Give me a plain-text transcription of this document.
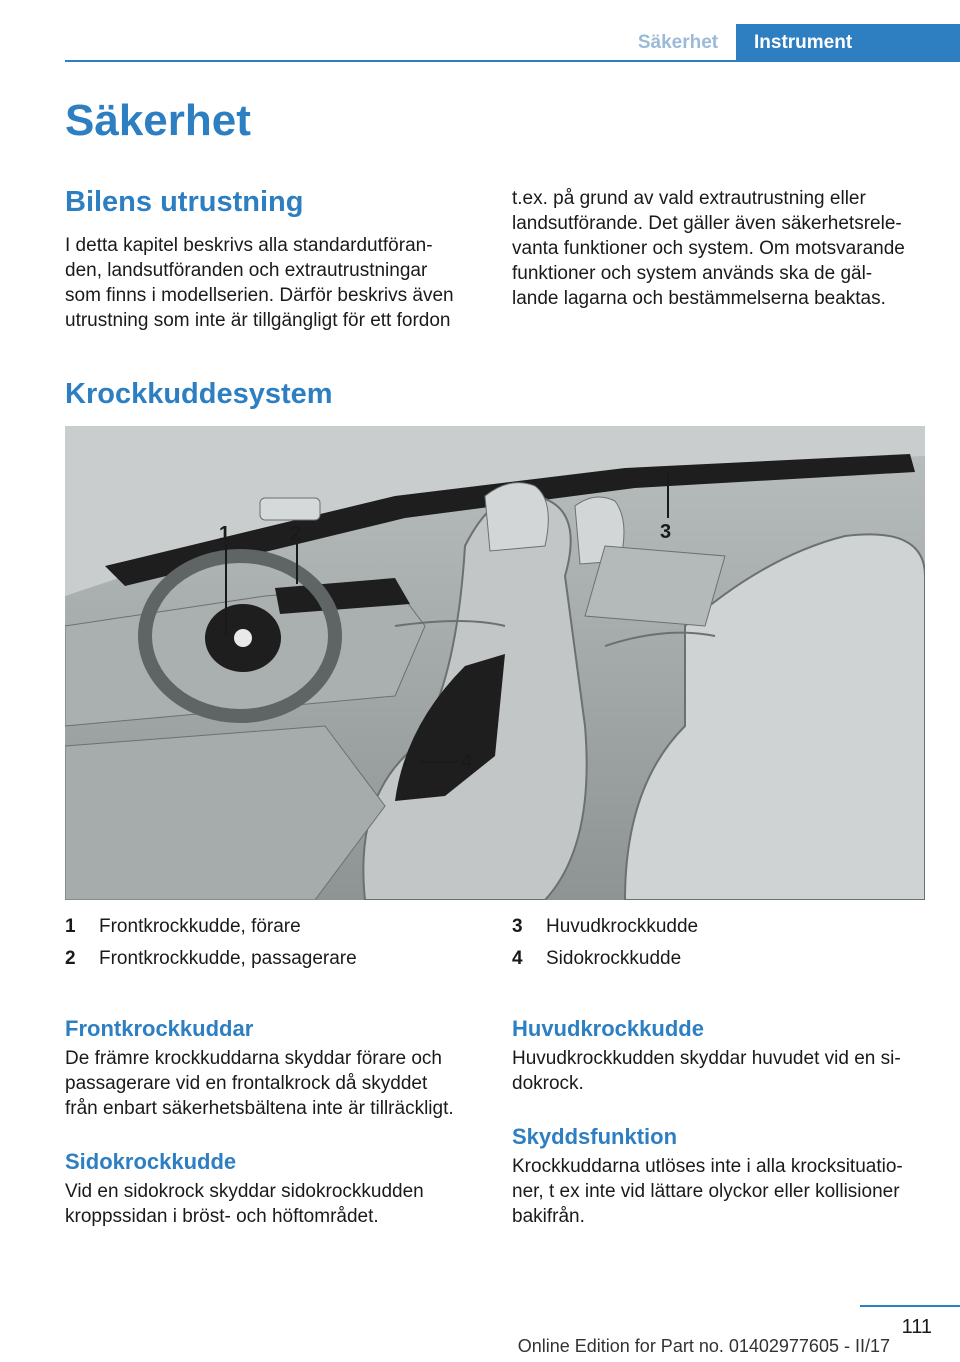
Säkerhet	Instrument
Säkerhet
Bilens utrustning

I detta kapitel beskrivs alla standardutföran-

den, landsutföranden och extrautrustningar

som finns i modellserien. Därför beskrivs även

utrustning som inte är tillgängligt för ett fordon

t.ex. på grund av vald extrautrustning eller

landsutförande. Det gäller även säkerhetsrele-

vanta funktioner och system. Om motsvarande

funktioner och system används ska de gäl-

lande lagarna och bestämmelserna beaktas.

Krockkuddesystem
1	2	3
4
1 Frontkrockkudde, förare
2 Frontkrockkudde, passagerare
3 Huvudkrockkudde
4 Sidokrockkudde
Frontkrockkuddar

De främre krockkuddarna skyddar förare och

passagerare vid en frontalkrock då skyddet

från enbart säkerhetsbältena inte är tillräckligt.

Sidokrockkudde

Vid en sidokrock skyddar sidokrockkudden

kroppssidan i bröst- och höftområdet.

Huvudkrockkudde

Huvudkrockkudden skyddar huvudet vid en si-

dokrock.

Skyddsfunktion

Krockkuddarna utlöses inte i alla krocksituatio-

ner, t ex inte vid lättare olyckor eller kollisioner

bakifrån.

111
Online Edition for Part no. 01402977605 - II/17
